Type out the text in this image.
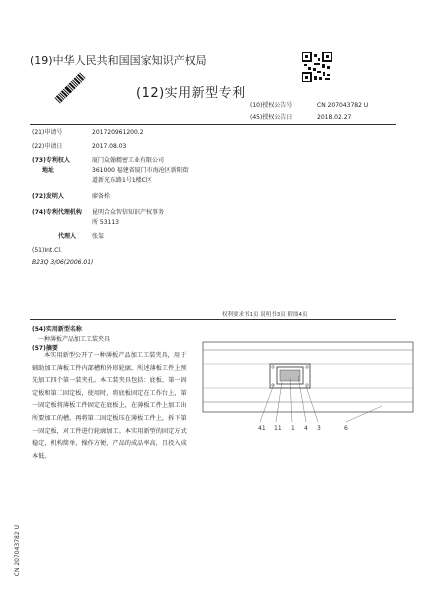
(19)中华人民共和国国家知识产权局
(12)实用新型专利
(10)授权公告号	CN 207043782 U
(45)授权公告日	2018.02.27
(21)申请号	201720961200.2
(22)申请日	2017.08.03
(73)专利权人	厦门众翰精密工业有限公司
地址	361000 福建省厦门市海沧区新阳街
道新光东路1号1楼C区
(72)发明人	廖备栓
(74)专利代理机构 昆明合众智信知识产权事务
所 53113
代理人	张玺
(51)Int.Cl.
B23Q 3/06(2006.01)
权利要求书1页 说明书3页 附图4页
(54)实用新型名称
一种薄板产品加工工装夹具
(57)摘要
本实用新型公开了一种薄板产品加工工装夹具，用于辅助加工薄板工件内部槽和外形轮廓，所述薄板工件上预先加工四个第一装夹孔。本工装夹具包括：底板、第一固定板和第二固定板，使用时，将底板固定在工作台上，第一固定板将薄板工件固定在底板上，在薄板工件上加工出所要加工的槽，再将第二固定板压在薄板工件上，拆下第一固定板，对工件进行轮廓加工。本实用新型的固定方式稳定，机构简单，操作方便，产品的成品率高，且投入成本低。
41 11 1 4 3	6
CN 207043782 U
